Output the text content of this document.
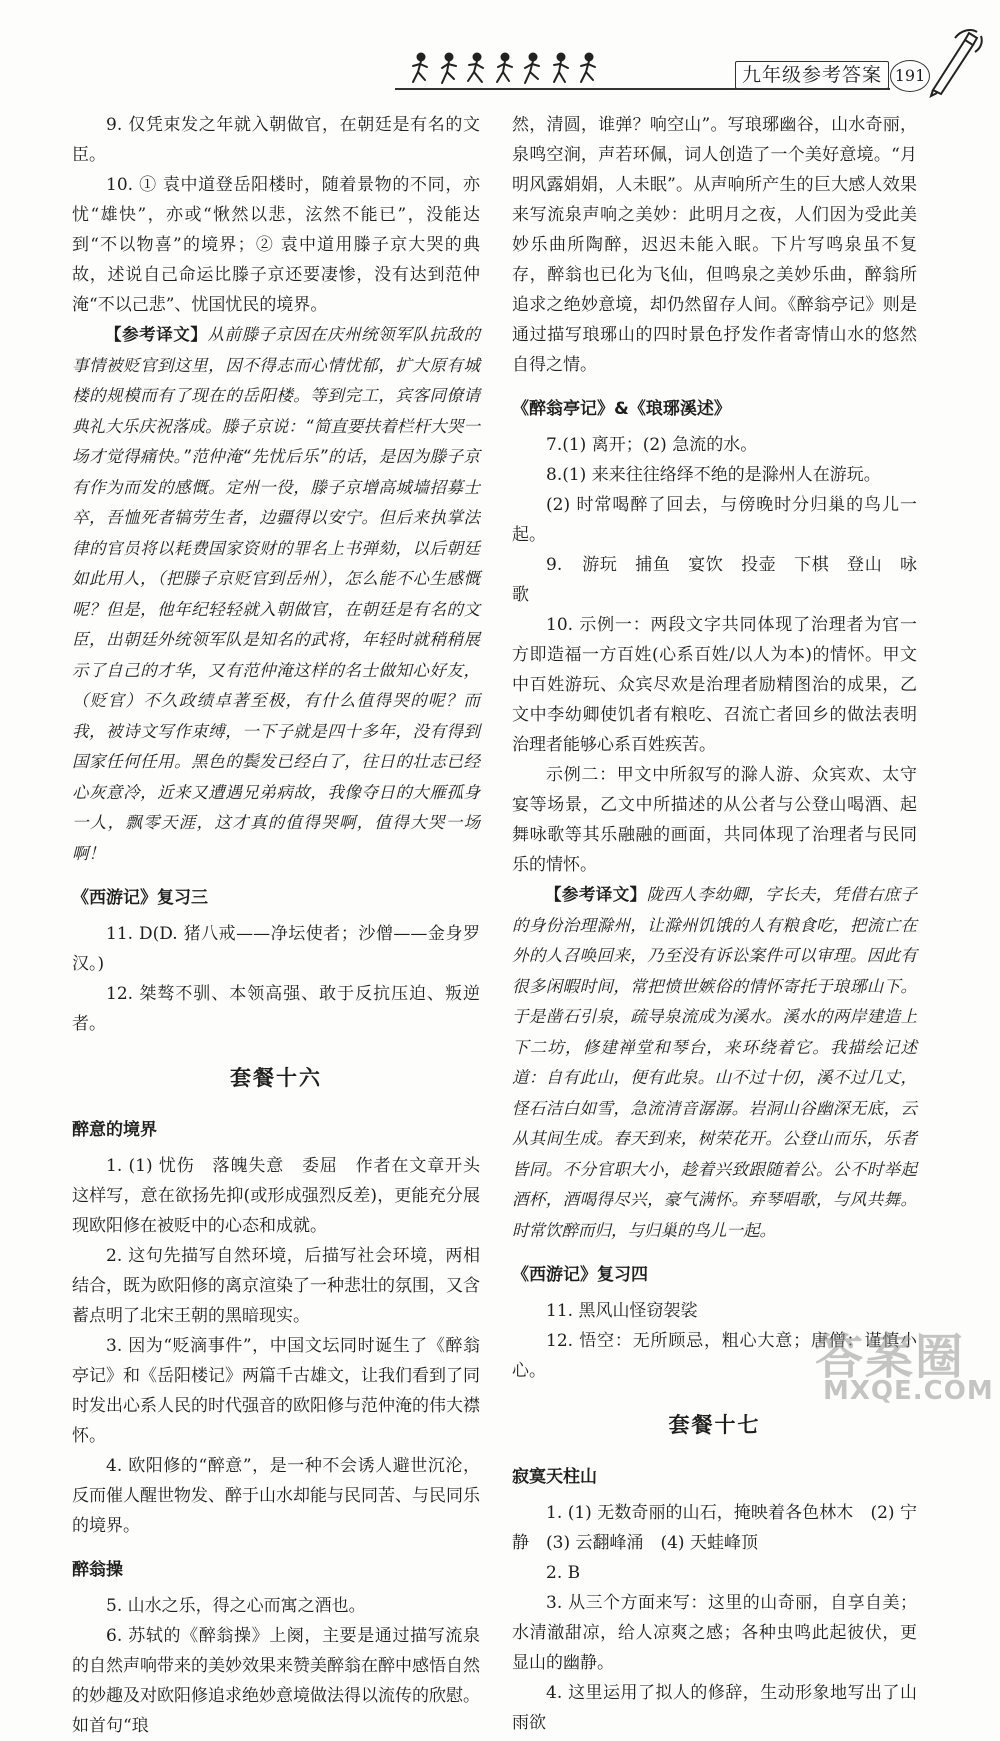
九年级参考答案 191

9. 仅凭束发之年就入朝做官，在朝廷是有名的文臣。

10. ① 袁中道登岳阳楼时，随着景物的不同，亦忧“雄快”，亦或“愀然以悲，泫然不能已”，没能达到“不以物喜”的境界；② 袁中道用滕子京大哭的典故，述说自己命运比滕子京还要凄惨，没有达到范仲淹“不以己悲”、忧国忧民的境界。

【参考译文】从前滕子京因在庆州统领军队抗敌的事情被贬官到这里，因不得志而心情忧郁，扩大原有城楼的规模而有了现在的岳阳楼。等到完工，宾客同僚请典礼大乐庆祝落成。滕子京说：“简直要扶着栏杆大哭一场才觉得痛快。”范仲淹“先忧后乐”的话，是因为滕子京有作为而发的感慨。定州一役，滕子京增高城墙招募士卒，吾恤死者犒劳生者，边疆得以安宁。但后来执掌法律的官员将以耗费国家资财的罪名上书弹劾，以后朝廷如此用人，（把滕子京贬官到岳州），怎么能不心生感慨呢？但是，他年纪轻轻就入朝做官，在朝廷是有名的文臣，出朝廷外统领军队是知名的武将，年轻时就稍稍展示了自己的才华，又有范仲淹这样的名士做知心好友，（贬官）不久政绩卓著至极，有什么值得哭的呢？而我，被诗文写作束缚，一下子就是四十多年，没有得到国家任何任用。黑色的鬓发已经白了，往日的壮志已经心灰意冷，近来又遭遇兄弟病故，我像夺日的大雁孤身一人，飘零天涯，这才真的值得哭啊，值得大哭一场啊！

《西游记》复习三

11. D(D. 猪八戒——净坛使者；沙僧——金身罗汉。)

12. 桀骜不驯、本领高强、敢于反抗压迫、叛逆者。

套餐十六
醉意的境界

1. (1) 忧伤　落魄失意　委屈　作者在文章开头这样写，意在欲扬先抑(或形成强烈反差)，更能充分展现欧阳修在被贬中的心态和成就。

2. 这句先描写自然环境，后描写社会环境，两相结合，既为欧阳修的离京渲染了一种悲壮的氛围，又含蓄点明了北宋王朝的黑暗现实。

3. 因为“贬滴事件”，中国文坛同时诞生了《醉翁亭记》和《岳阳楼记》两篇千古雄文，让我们看到了同时发出心系人民的时代强音的欧阳修与范仲淹的伟大襟怀。

4. 欧阳修的“醉意”，是一种不会诱人避世沉沦，反而催人醒世物发、醉于山水却能与民同苦、与民同乐的境界。

醉翁操

5. 山水之乐，得之心而寓之酒也。

6. 苏轼的《醉翁操》上阕，主要是通过描写流泉的自然声响带来的美妙效果来赞美醉翁在醉中感悟自然的妙趣及对欧阳修追求绝妙意境做法得以流传的欣慰。如首句“琅

然，清圆，谁弹？响空山”。写琅琊幽谷，山水奇丽，泉鸣空涧，声若环佩，词人创造了一个美好意境。“月明风露娟娟，人未眠”。从声响所产生的巨大感人效果来写流泉声响之美妙：此明月之夜，人们因为受此美妙乐曲所陶醉，迟迟未能入眠。下片写鸣泉虽不复存，醉翁也已化为飞仙，但鸣泉之美妙乐曲，醉翁所追求之绝妙意境，却仍然留存人间。《醉翁亭记》则是通过描写琅琊山的四时景色抒发作者寄情山水的悠然自得之情。

《醉翁亭记》&《琅琊溪述》

7.(1) 离开；(2) 急流的水。

8.(1) 来来往往络绎不绝的是滁州人在游玩。

(2) 时常喝醉了回去，与傍晚时分归巢的鸟儿一起。

9. 游玩　捕鱼　宴饮　投壶　下棋　登山　咏歌

10. 示例一：两段文字共同体现了治理者为官一方即造福一方百姓(心系百姓/以人为本)的情怀。甲文中百姓游玩、众宾尽欢是治理者励精图治的成果，乙文中李幼卿使饥者有粮吃、召流亡者回乡的做法表明治理者能够心系百姓疾苦。

示例二：甲文中所叙写的滁人游、众宾欢、太守宴等场景，乙文中所描述的从公者与公登山喝酒、起舞咏歌等其乐融融的画面，共同体现了治理者与民同乐的情怀。

【参考译文】陇西人李幼卿，字长夫，凭借右庶子的身份治理滁州，让滁州饥饿的人有粮食吃，把流亡在外的人召唤回来，乃至没有诉讼案件可以审理。因此有很多闲暇时间，常把愤世嫉俗的情怀寄托于琅琊山下。于是凿石引泉，疏导泉流成为溪水。溪水的两岸建造上下二坊，修建禅堂和琴台，来环绕着它。我描绘记述道：自有此山，便有此泉。山不过十仞，溪不过几丈，怪石洁白如雪，急流清音潺潺。岩洞山谷幽深无底，云从其间生成。春天到来，树荣花开。公登山而乐，乐者皆同。不分官职大小，趁着兴致跟随着公。公不时举起酒杯，酒喝得尽兴，豪气满怀。弃琴唱歌，与风共舞。时常饮醉而归，与归巢的鸟儿一起。

《西游记》复习四

11. 黑风山怪窃袈裟

12. 悟空：无所顾忌，粗心大意；唐僧：谨慎小心。

套餐十七
寂寞天柱山

1. (1) 无数奇丽的山石，掩映着各色林木　(2) 宁静　(3) 云翻峰涌　(4) 天蛙峰顶

2. B

3. 从三个方面来写：这里的山奇丽，自享自美；水清澈甜凉，给人凉爽之感；各种虫鸣此起彼伏，更显山的幽静。

4. 这里运用了拟人的修辞，生动形象地写出了山雨欲

答案圈
MXQE.COM
